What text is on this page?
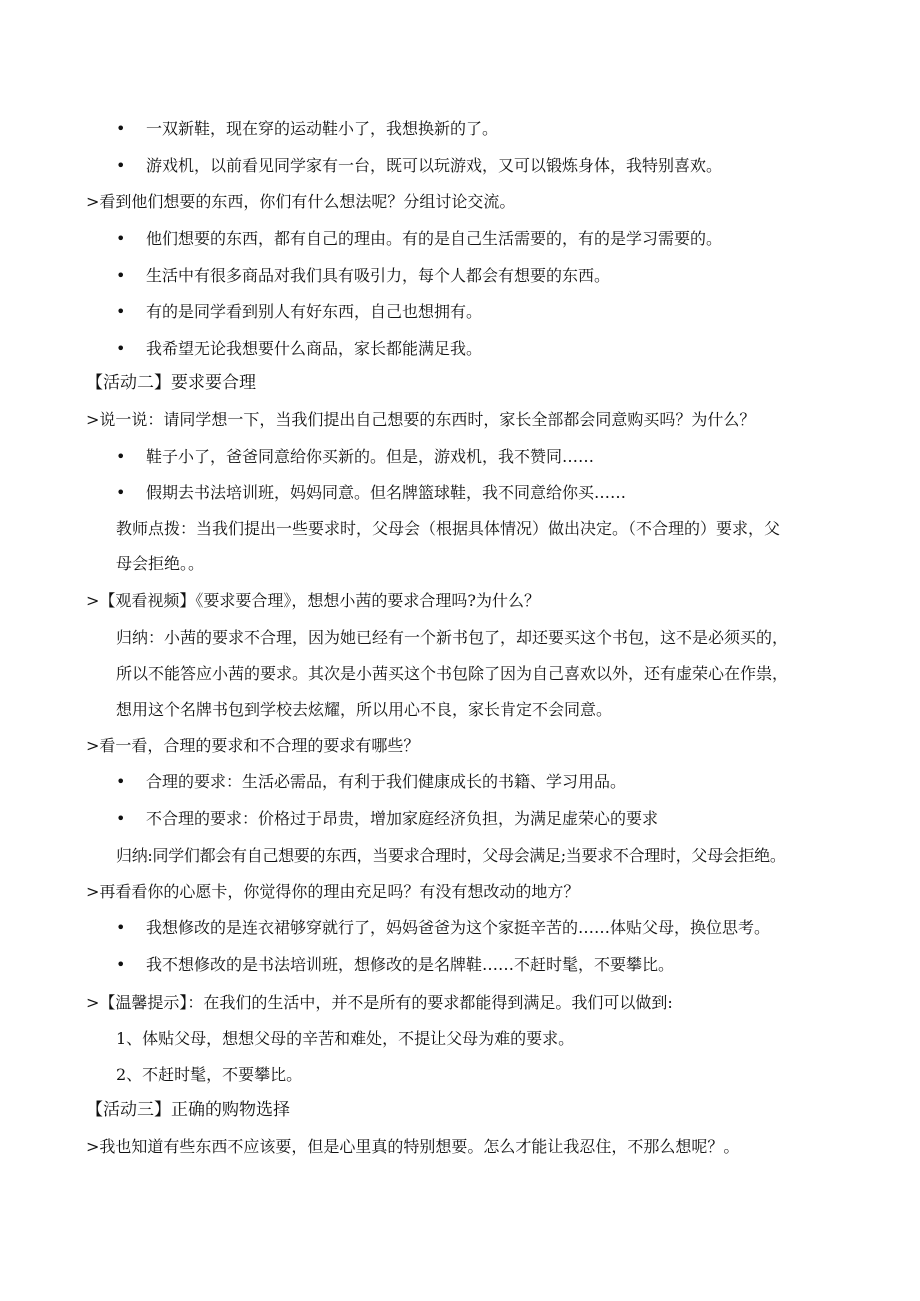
• 一双新鞋，现在穿的运动鞋小了，我想换新的了。
• 游戏机，以前看见同学家有一台，既可以玩游戏，又可以锻炼身体，我特别喜欢。
>看到他们想要的东西，你们有什么想法呢？分组讨论交流。
• 他们想要的东西，都有自己的理由。有的是自己生活需要的，有的是学习需要的。
• 生活中有很多商品对我们具有吸引力，每个人都会有想要的东西。
• 有的是同学看到别人有好东西，自己也想拥有。
• 我希望无论我想要什么商品，家长都能满足我。
【活动二】要求要合理
>说一说：请同学想一下，当我们提出自己想要的东西时，家长全部都会同意购买吗？为什么？
• 鞋子小了，爸爸同意给你买新的。但是，游戏机，我不赞同……
• 假期去书法培训班，妈妈同意。但名牌篮球鞋，我不同意给你买……
教师点拨：当我们提出一些要求时，父母会（根据具体情况）做出决定。（不合理的）要求，父
母会拒绝。。
>【观看视频】《要求要合理》，想想小茜的要求合理吗?为什么？
归纳：小茜的要求不合理，因为她已经有一个新书包了，却还要买这个书包，这不是必须买的，
所以不能答应小茜的要求。其次是小茜买这个书包除了因为自己喜欢以外，还有虚荣心在作祟，
想用这个名牌书包到学校去炫耀，所以用心不良，家长肯定不会同意。
>看一看，合理的要求和不合理的要求有哪些？
• 合理的要求：生活必需品，有利于我们健康成长的书籍、学习用品。
• 不合理的要求：价格过于昂贵，增加家庭经济负担，为满足虚荣心的要求
归纳:同学们都会有自己想要的东西，当要求合理时，父母会满足;当要求不合理时，父母会拒绝。
>再看看你的心愿卡，你觉得你的理由充足吗？有没有想改动的地方？
• 我想修改的是连衣裙够穿就行了，妈妈爸爸为这个家挺辛苦的……体贴父母，换位思考。
• 我不想修改的是书法培训班，想修改的是名牌鞋……不赶时髦，不要攀比。
>【温馨提示】：在我们的生活中，并不是所有的要求都能得到满足。我们可以做到:
1、体贴父母，想想父母的辛苦和难处，不提让父母为难的要求。
2、不赶时髦，不要攀比。
【活动三】正确的购物选择
>我也知道有些东西不应该要，但是心里真的特别想要。怎么才能让我忍住，不那么想呢？。
